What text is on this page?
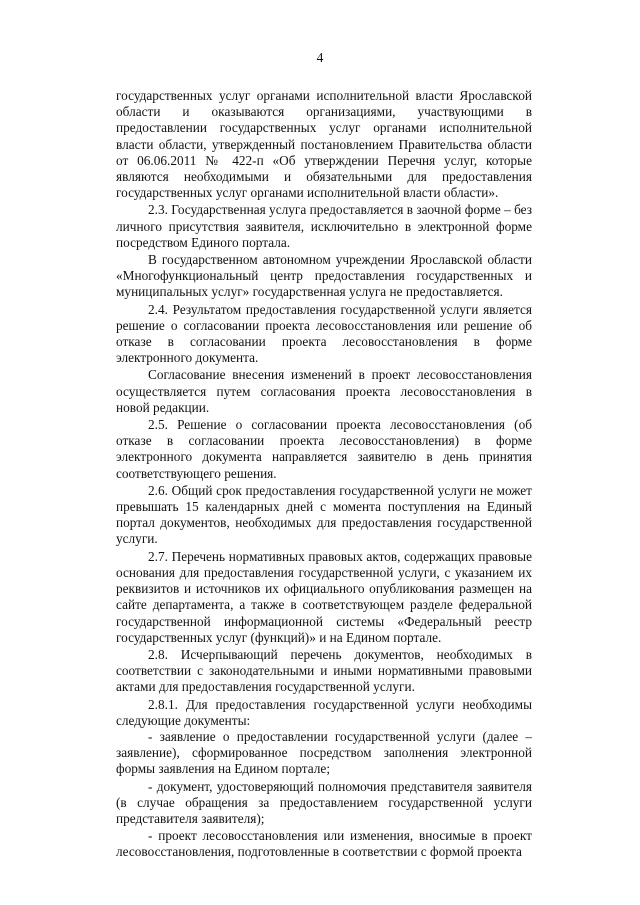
4

государственных услуг органами исполнительной власти Ярославской области и оказываются организациями, участвующими в предоставлении государственных услуг органами исполнительной власти области, утвержденный постановлением Правительства области от 06.06.2011 № 422-п «Об утверждении Перечня услуг, которые являются необходимыми и обязательными для предоставления государственных услуг органами исполнительной власти области».

2.3. Государственная услуга предоставляется в заочной форме – без личного присутствия заявителя, исключительно в электронной форме посредством Единого портала.

В государственном автономном учреждении Ярославской области «Многофункциональный центр предоставления государственных и муниципальных услуг» государственная услуга не предоставляется.

2.4. Результатом предоставления государственной услуги является решение о согласовании проекта лесовосстановления или решение об отказе в согласовании проекта лесовосстановления в форме электронного документа.

Согласование внесения изменений в проект лесовосстановления осуществляется путем согласования проекта лесовосстановления в новой редакции.

2.5. Решение о согласовании проекта лесовосстановления (об отказе в согласовании проекта лесовосстановления) в форме электронного документа направляется заявителю в день принятия соответствующего решения.

2.6. Общий срок предоставления государственной услуги не может превышать 15 календарных дней с момента поступления на Единый портал документов, необходимых для предоставления государственной услуги.

2.7. Перечень нормативных правовых актов, содержащих правовые основания для предоставления государственной услуги, с указанием их реквизитов и источников их официального опубликования размещен на сайте департамента, а также в соответствующем разделе федеральной государственной информационной системы «Федеральный реестр государственных услуг (функций)» и на Едином портале.

2.8. Исчерпывающий перечень документов, необходимых в соответствии с законодательными и иными нормативными правовыми актами для предоставления государственной услуги.

2.8.1. Для предоставления государственной услуги необходимы следующие документы:

- заявление о предоставлении государственной услуги (далее – заявление), сформированное посредством заполнения электронной формы заявления на Едином портале;

- документ, удостоверяющий полномочия представителя заявителя (в случае обращения за предоставлением государственной услуги представителя заявителя);

- проект лесовосстановления или изменения, вносимые в проект лесовосстановления, подготовленные в соответствии с формой проекта
